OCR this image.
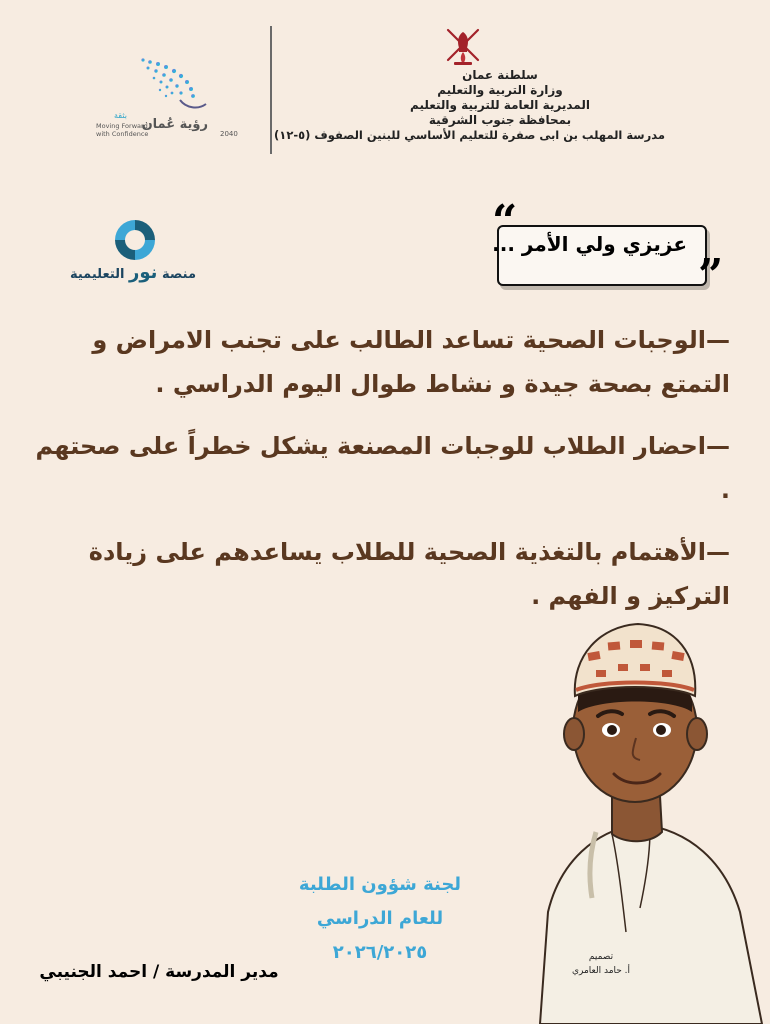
سلطنة عمان
وزارة التربية والتعليم
المديرية العامة للتربية والتعليم
بمحافظة جنوب الشرقية
مدرسة المهلب بن ابى صفرة للتعليم الأساسي للبنين الصفوف (٥-١٢)
رؤية عُمان
2040
بثقة
Moving Forward
with Confidence
منصة نور التعليمية
“
”
عزيزي ولي الأمر ...
—الوجبات الصحية تساعد الطالب على تجنب الامراض و التمتع بصحة جيدة و نشاط طوال اليوم الدراسي .
—احضار الطلاب للوجبات المصنعة يشكل خطراً على صحتهم .
—الأهتمام بالتغذية الصحية للطلاب يساعدهم على زيادة التركيز و الفهم .
لجنة شؤون الطلبة
للعام الدراسي
٢٠٢٦/٢٠٢٥
مدير المدرسة / احمد الجنيبي
تصميم
أ. حامد العامري
